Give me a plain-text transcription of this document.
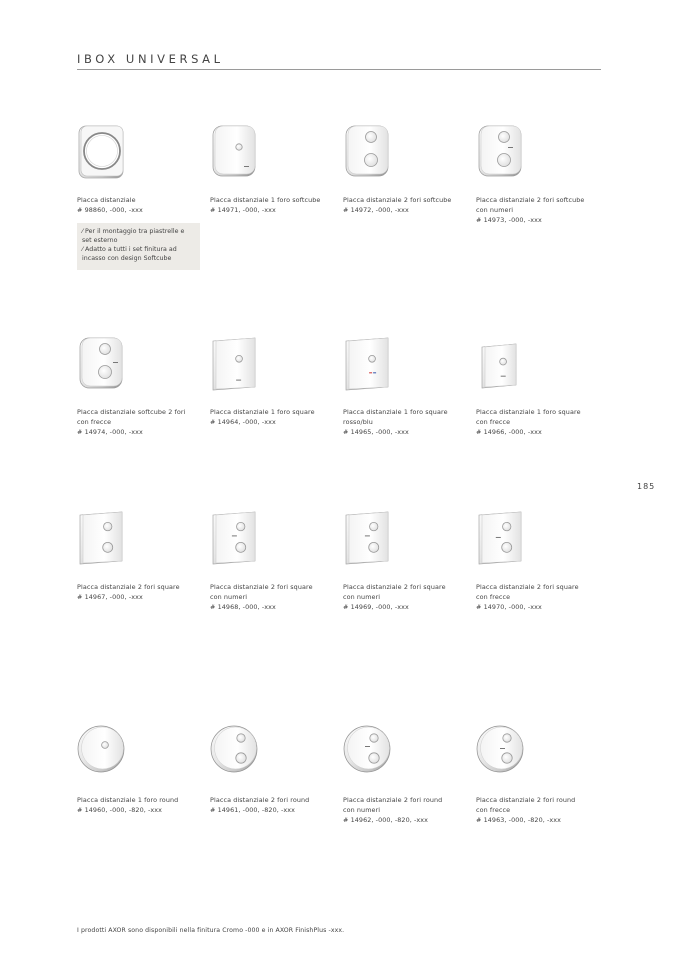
IBOX UNIVERSAL
185
Placca distanziale
# 98860, -000, -xxx
Placca distanziale 1 foro softcube
# 14971, -000, -xxx
Placca distanziale 2 fori softcube
# 14972, -000, -xxx
Placca distanziale 2 fori softcube
con numeri
# 14973, -000, -xxx
Placca distanziale softcube 2 fori
con frecce
# 14974, -000, -xxx
Placca distanziale 1 foro square
# 14964, -000, -xxx
Placca distanziale 1 foro square
rosso/blu
# 14965, -000, -xxx
Placca distanziale 1 foro square
con frecce
# 14966, -000, -xxx
Placca distanziale 2 fori square
# 14967, -000, -xxx
Placca distanziale 2 fori square
con numeri
# 14968, -000, -xxx
Placca distanziale 2 fori square
con numeri
# 14969, -000, -xxx
Placca distanziale 2 fori square
con frecce
# 14970, -000, -xxx
Placca distanziale 1 foro round
# 14960, -000, -820, -xxx
Placca distanziale 2 fori round
# 14961, -000, -820, -xxx
Placca distanziale 2 fori round
con numeri
# 14962, -000, -820, -xxx
Placca distanziale 2 fori round
con frecce
# 14963, -000, -820, -xxx
⁄ Per il montaggio tra piastrelle e
set esterno
⁄ Adatto a tutti i set finitura ad
incasso con design Softcube
I prodotti AXOR sono disponibili nella finitura Cromo -000 e in AXOR FinishPlus -xxx.
